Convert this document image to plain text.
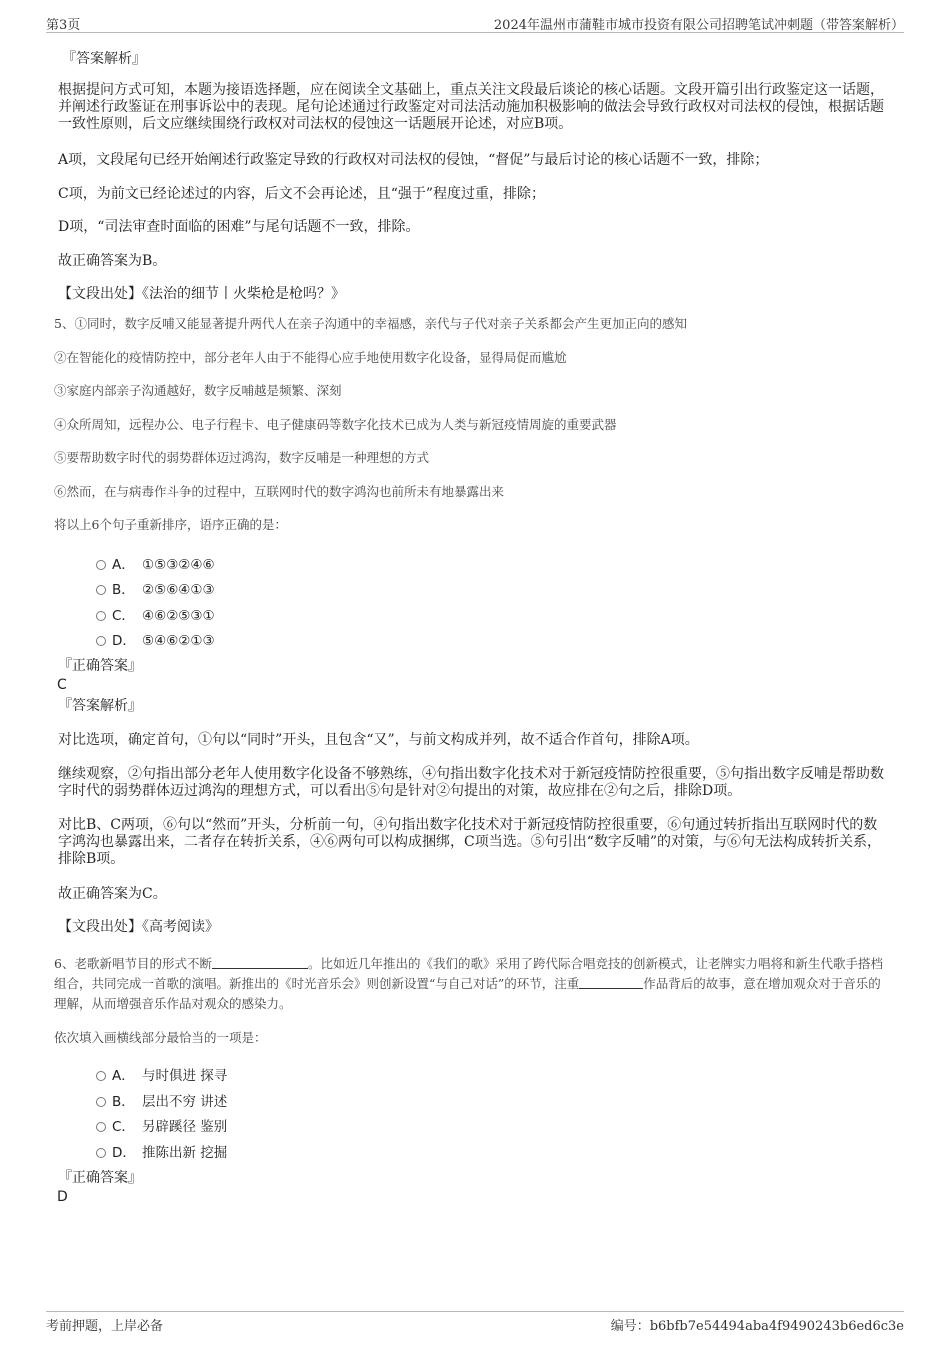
第3页	2024年温州市蒲鞋市城市投资有限公司招聘笔试冲刺题（带答案解析）

『答案解析』

根据提问方式可知，本题为接语选择题，应在阅读全文基础上，重点关注文段最后谈论的核心话题。文段开篇引出行政鉴定这一话题，并阐述行政鉴证在刑事诉讼中的表现。尾句论述通过行政鉴定对司法活动施加积极影响的做法会导致行政权对司法权的侵蚀，根据话题一致性原则，后文应继续围绕行政权对司法权的侵蚀这一话题展开论述，对应B项。

A项，文段尾句已经开始阐述行政鉴定导致的行政权对司法权的侵蚀，“督促”与最后讨论的核心话题不一致，排除；

C项，为前文已经论述过的内容，后文不会再论述，且“强于”程度过重，排除；

D项，“司法审查时面临的困难”与尾句话题不一致，排除。

故正确答案为B。

【文段出处】《法治的细节丨火柴枪是枪吗？》

5、①同时，数字反哺又能显著提升两代人在亲子沟通中的幸福感，亲代与子代对亲子关系都会产生更加正向的感知

②在智能化的疫情防控中，部分老年人由于不能得心应手地使用数字化设备，显得局促而尴尬

③家庭内部亲子沟通越好，数字反哺越是频繁、深刻

④众所周知，远程办公、电子行程卡、电子健康码等数字化技术已成为人类与新冠疫情周旋的重要武器

⑤要帮助数字时代的弱势群体迈过鸿沟，数字反哺是一种理想的方式

⑥然而，在与病毒作斗争的过程中，互联网时代的数字鸿沟也前所未有地暴露出来

将以上6个句子重新排序，语序正确的是：

A． ①⑤③②④⑥
B． ②⑤⑥④①③
C． ④⑥②⑤③①
D． ⑤④⑥②①③

『正确答案』

C

『答案解析』

对比选项，确定首句，①句以“同时”开头，且包含“又”，与前文构成并列，故不适合作首句，排除A项。

继续观察，②句指出部分老年人使用数字化设备不够熟练，④句指出数字化技术对于新冠疫情防控很重要，⑤句指出数字反哺是帮助数字时代的弱势群体迈过鸿沟的理想方式，可以看出⑤句是针对②句提出的对策，故应排在②句之后，排除D项。

对比B、C两项，⑥句以“然而”开头，分析前一句，④句指出数字化技术对于新冠疫情防控很重要，⑥句通过转折指出互联网时代的数字鸿沟也暴露出来，二者存在转折关系，④⑥两句可以构成捆绑，C项当选。⑤句引出“数字反哺”的对策，与⑥句无法构成转折关系，排除B项。

故正确答案为C。

【文段出处】《高考阅读》

6、老歌新唱节目的形式不断	。比如近几年推出的《我们的歌》采用了跨代际合唱竞技的创新模式，让老牌实力唱将和新生代歌手搭档组合，共同完成一首歌的演唱。新推出的《时光音乐会》则创新设置“与自己对话”的环节，注重	作品背后的故事，意在增加观众对于音乐的理解，从而增强音乐作品对观众的感染力。

依次填入画横线部分最恰当的一项是：

A． 与时俱进 探寻
B． 层出不穷 讲述
C． 另辟蹊径 鉴别
D． 推陈出新 挖掘

『正确答案』

D

考前押题，上岸必备	编号：b6bfb7e54494aba4f9490243b6ed6c3e
